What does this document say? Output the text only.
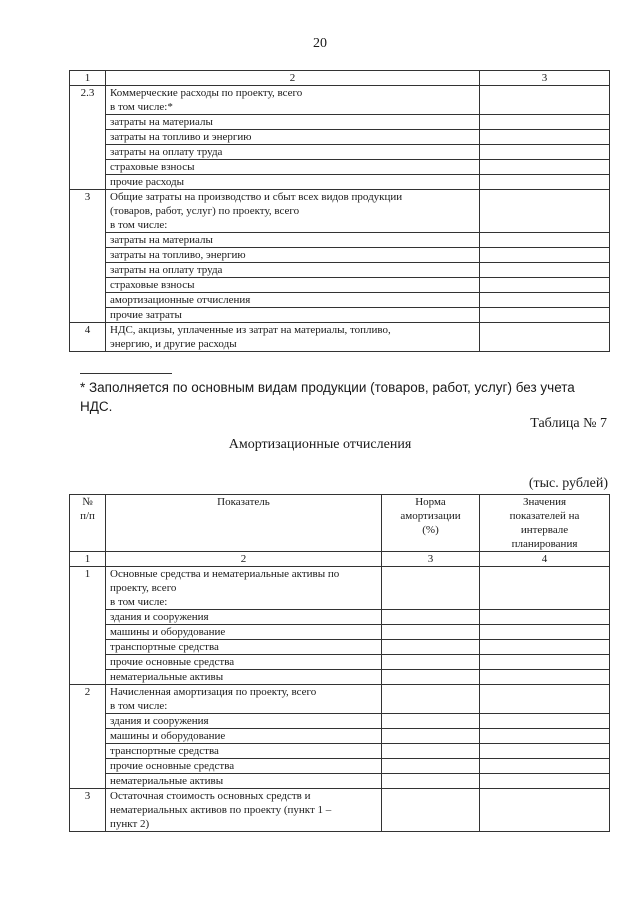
20
1	2	3
2.3	Коммерческие расходы по проекту, всего
в том числе:*	
	затраты на материалы	
	затраты на топливо и энергию	
	затраты на оплату труда	
	страховые взносы	
	прочие расходы	
3	Общие затраты на производство и сбыт всех видов продукции
(товаров, работ, услуг) по проекту, всего
в том числе:	
	затраты на материалы	
	затраты на топливо, энергию	
	затраты на оплату труда	
	страховые взносы	
	амортизационные отчисления	
	прочие затраты	
4	НДС, акцизы, уплаченные из затрат на материалы, топливо,
энергию, и другие расходы	
* Заполняется по основным видам продукции (товаров, работ, услуг) без учета НДС.
Таблица № 7
Амортизационные отчисления
(тыс. рублей)
№
п/п	Показатель	Норма
амортизации
(%)	Значения
показателей на
интервале
планирования
1	2	3	4
1	Основные средства и нематериальные активы по
проекту, всего
в том числе:		
	здания и сооружения		
	машины и оборудование		
	транспортные средства		
	прочие основные средства		
	нематериальные активы		
2	Начисленная амортизация по проекту, всего
в том числе:		
	здания и сооружения		
	машины и оборудование		
	транспортные средства		
	прочие основные средства		
	нематериальные активы		
3	Остаточная стоимость основных средств и
нематериальных активов по проекту (пункт 1 –
пункт 2)		
